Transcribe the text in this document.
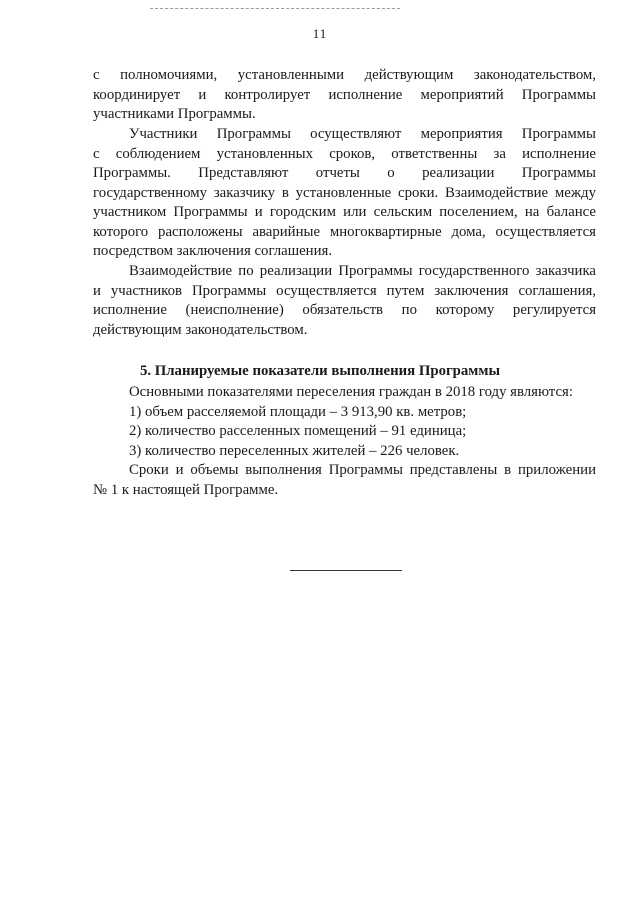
11
с полномочиями, установленными действующим законодательством,
координирует и контролирует исполнение мероприятий Программы
участниками Программы.
Участники Программы осуществляют мероприятия Программы
с соблюдением установленных сроков, ответственны за исполнение
Программы. Представляют отчеты о реализации Программы
государственному заказчику в установленные сроки. Взаимодействие между
участником Программы и городским или сельским поселением, на балансе
которого расположены аварийные многоквартирные дома, осуществляется
посредством заключения соглашения.
Взаимодействие по реализации Программы государственного заказчика
и участников Программы осуществляется путем заключения соглашения,
исполнение (неисполнение) обязательств по которому регулируется
действующим законодательством.
5. Планируемые показатели выполнения Программы
Основными показателями переселения граждан в 2018 году являются:
1) объем расселяемой площади – 3 913,90 кв. метров;
2) количество расселенных помещений – 91 единица;
3) количество переселенных жителей – 226 человек.
Сроки и объемы выполнения Программы представлены в приложении
№ 1 к настоящей Программе.
